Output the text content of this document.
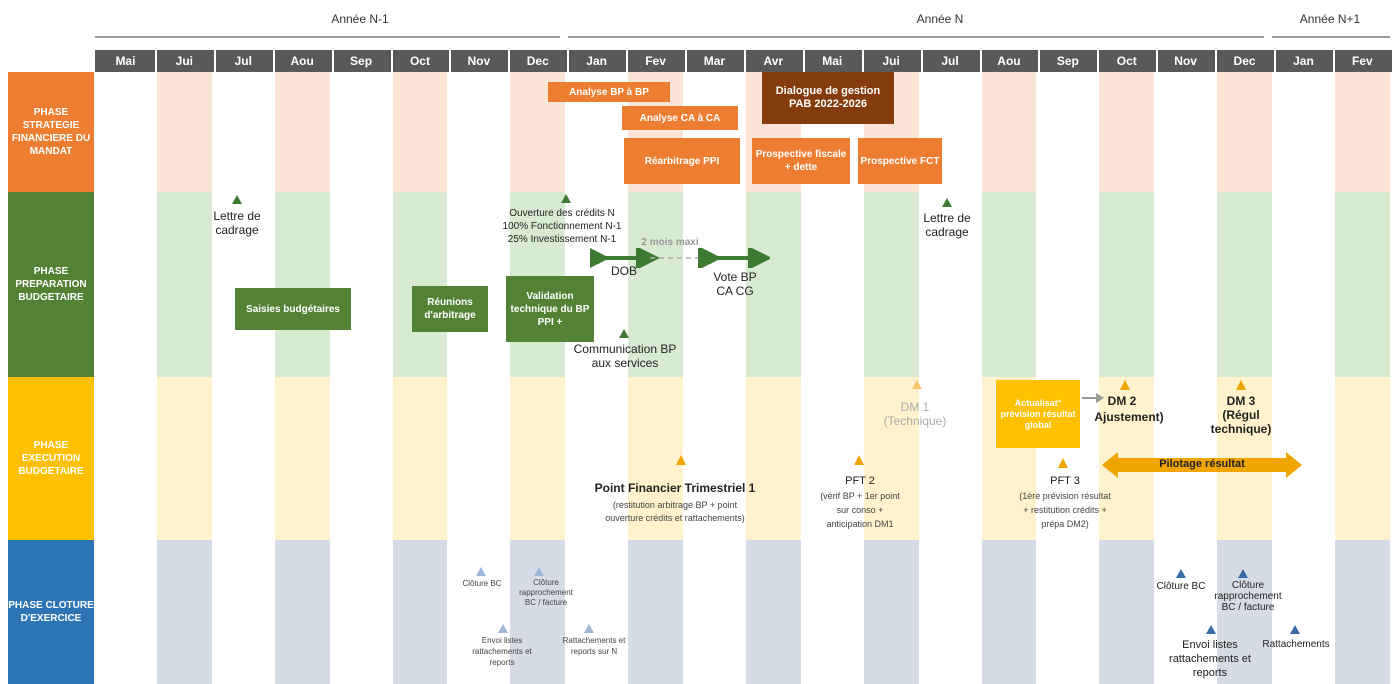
Année N-1	Année N	Année N+1
Mai	Jui	Jul	Aou	Sep	Oct	Nov	Dec	Jan	Fev	Mar	Avr	Mai	Jui	Jul	Aou	Sep	Oct	Nov	Dec	Jan	Fev
PHASE STRATEGIE FINANCIERE DU MANDAT
PHASE PREPARATION BUDGETAIRE
PHASE EXECUTION BUDGETAIRE
PHASE CLOTURE D'EXERCICE
Analyse BP à BP
Analyse CA à CA
Réarbitrage PPI
Dialogue de gestion PAB 2022-2026
Prospective fiscale + dette
Prospective FCT
Lettre de cadrage
Ouverture des crédits N
100% Fonctionnement N-1
25% Investissement N-1
Lettre de cadrage
2 mois maxi
DOB	Vote BP
CA CG
Saisies budgétaires
Réunions d'arbitrage
Validation technique du BP PPI +
Communication BP
aux services
DM 1
(Technique)
Actualisat° prévision résultat global
DM 2
Ajustement)
DM 3
(Régul
technique)
Pilotage résultat
Point Financier Trimestriel 1
(restitution arbitrage BP + point
ouverture crédits et rattachements)
PFT 2
(vérif BP + 1er point
sur conso +
anticipation DM1
PFT 3
(1ère prévision résultat
+ restitution crédits +
prépa DM2)
Clôture BC	Clôture rapprochement BC / facture
Envoi listes rattachements et reports
Rattachements et reports sur N
Clôture BC	Clôture
rapprochement
BC / facture
Envoi listes
rattachements et
reports
Rattachements
